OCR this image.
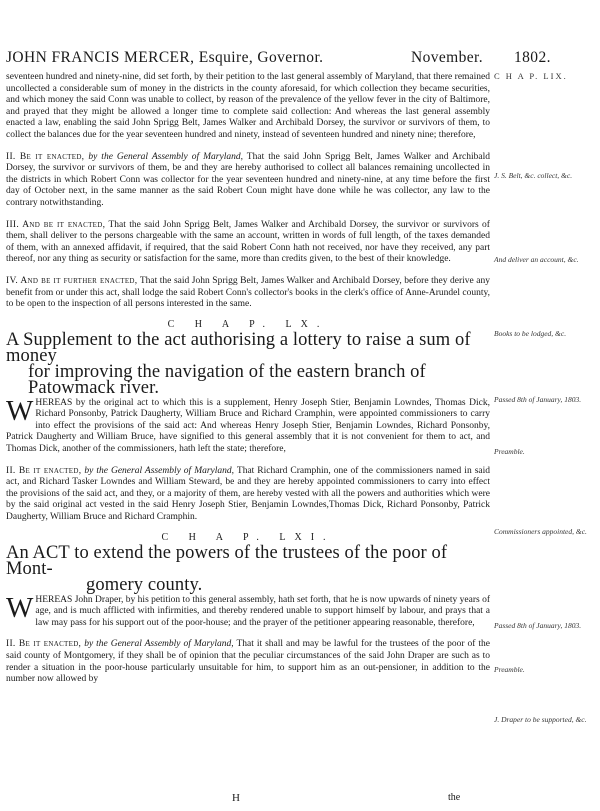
JOHN FRANCIS MERCER, Esquire, Governor.	November. 1802.
C H A P. LIX.
J. S. Belt, &c. collect, &c.
And deliver an account, &c.
Books to be lodged, &c.
Passed 8th of January, 1803.
Preamble.
Commissioners appointed, &c.
Passed 8th of January, 1803.
Preamble.
J. Draper to be supported, &c.

seventeen hundred and ninety-nine, did set forth, by their petition to the last general assembly of Maryland, that there remained uncollected a considerable sum of money in the districts in the county aforesaid, for which collection they became securities, and which money the said Conn was unable to collect, by reason of the prevalence of the yellow fever in the city of Baltimore, and prayed that they might be allowed a longer time to complete said collection: And whereas the last general assembly enacted a law, enabling the said John Sprigg Belt, James Walker and Archibald Dorsey, the survivor or survivors of them, to collect the balances due for the year seventeen hundred and ninety, instead of seventeen hundred and ninety nine; therefore,

II. Be it enacted, by the General Assembly of Maryland, That the said John Sprigg Belt, James Walker and Archibald Dorsey, the survivor or survivors of them, be and they are hereby authorised to collect all balances remaining uncollected in the districts in which Robert Conn was collector for the year seventeen hundred and ninety-nine, at any time before the first day of October next, in the same manner as the said Robert Coun might have done while he was collector, any law to the contrary notwithstanding.

III. And be it enacted, That the said John Sprigg Belt, James Walker and Archibald Dorsey, the survivor or survivors of them, shall deliver to the persons chargeable with the same an account, written in words of full length, of the taxes demanded of them, with an annexed affidavit, if required, that the said Robert Conn hath not received, nor have they received, any part thereof, nor any thing as security or satisfaction for the same, more than credits given, to the best of their knowledge.

IV. And be it further enacted, That the said John Sprigg Belt, James Walker and Archibald Dorsey, before they derive any benefit from or under this act, shall lodge the said Robert Conn's collector's books in the clerk's office of Anne-Arundel county, to be open to the inspection of all persons interested in the same.

C H A P. LX.
A Supplement to the act authorising a lottery to raise a sum of money
for improving the navigation of the eastern branch of Patowmack river.

W HEREAS by the original act to which this is a supplement, Henry Joseph Stier, Benjamin Lowndes, Thomas Dick, Richard Ponsonby, Patrick Daugherty, William Bruce and Richard Cramphin, were appointed commissioners to carry into effect the provisions of the said act: And whereas Henry Joseph Stier, Benjamin Lowndes, Richard Ponsonby, Patrick Daugherty and William Bruce, have signified to this general assembly that it is not convenient for them to act, and Thomas Dick, another of the commissioners, hath left the state; therefore,

II. Be it enacted, by the General Assembly of Maryland, That Richard Cramphin, one of the commissioners named in said act, and Richard Tasker Lowndes and William Steward, be and they are hereby appointed commissioners to carry into effect the provisions of the said act, and they, or a majority of them, are hereby vested with all the powers and authorities which were by the said original act vested in the said Henry Joseph Stier, Benjamin Lowndes,Thomas Dick, Richard Ponsonby, Patrick Daugherty, William Bruce and Richard Cramphin.

C H A P. LXI.
An ACT to extend the powers of the trustees of the poor of Mont-
gomery county.

W HEREAS John Draper, by his petition to this general assembly, hath set forth, that he is now upwards of ninety years of age, and is much afflicted with infirmities, and thereby rendered unable to support himself by labour, and prays that a law may pass for his support out of the poor-house; and the prayer of the petitioner appearing reasonable, therefore,

II. Be it enacted, by the General Assembly of Maryland, That it shall and may be lawful for the trustees of the poor of the said county of Montgomery, if they shall be of opinion that the peculiar circumstances of the said John Draper are such as to render a situation in the poor-house particularly unsuitable for him, to support him as an out-pensioner, in addition to the number now allowed by

H	the
